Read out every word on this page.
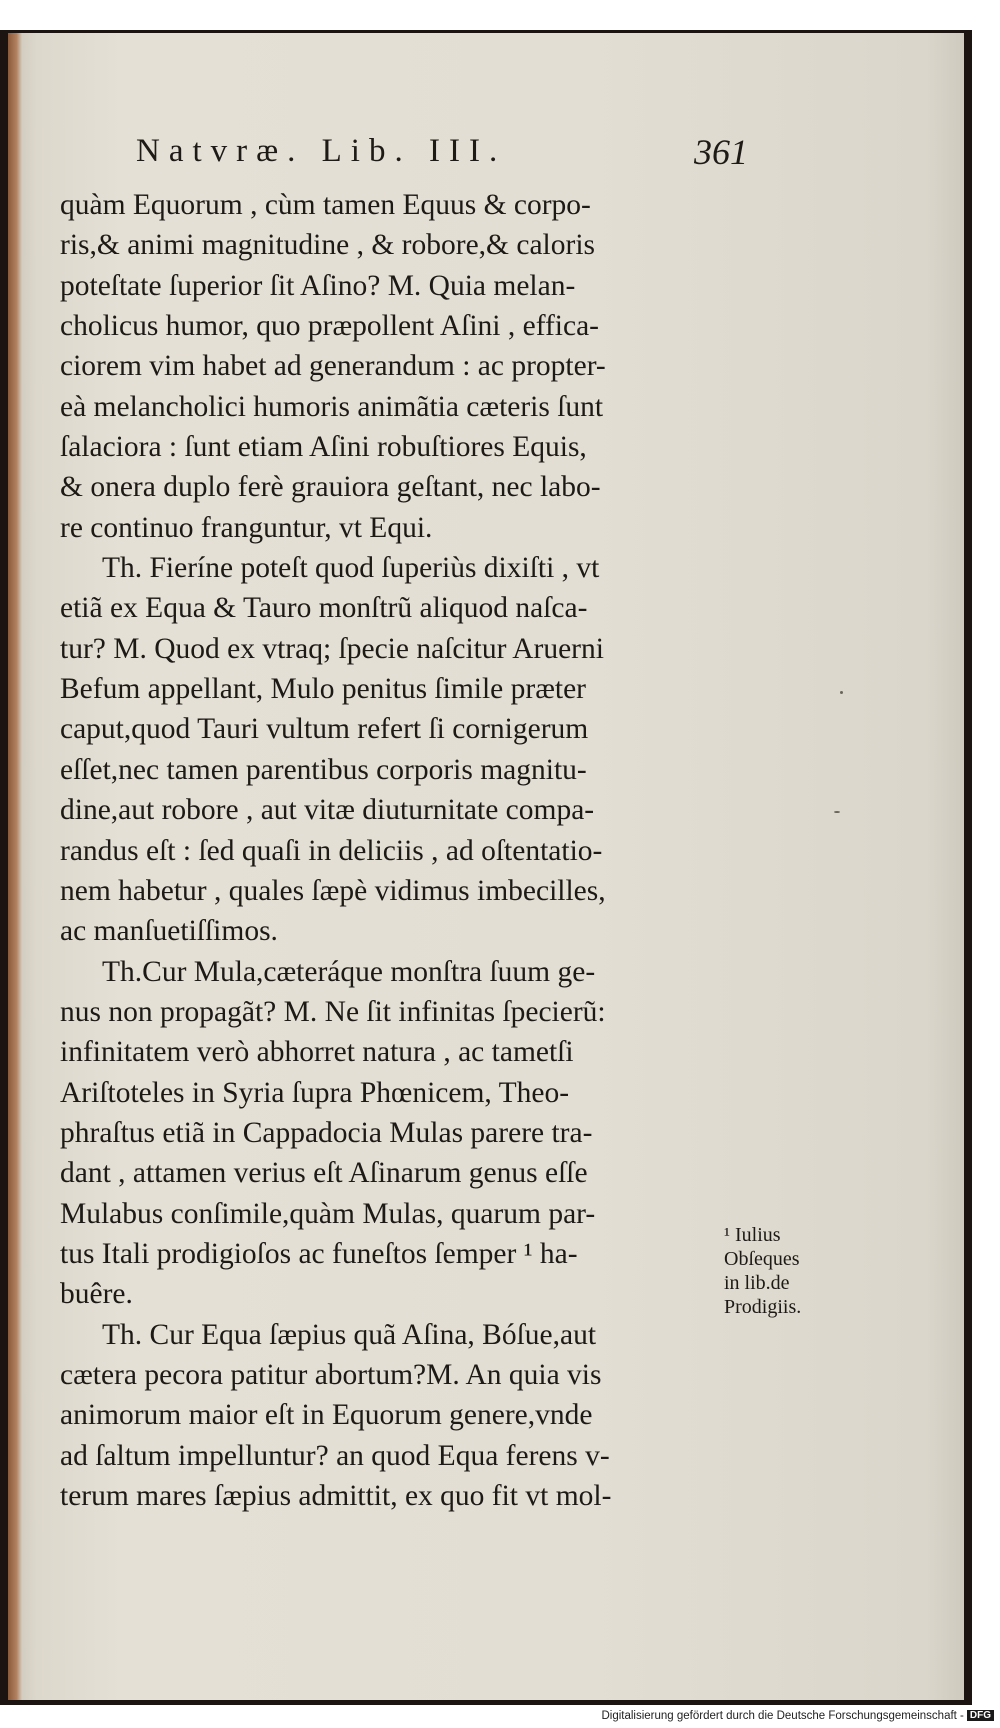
Natvræ. Lib. III.	361
quàm Equorum , cùm tamen Equus & corpo-
ris,& animi magnitudine , & robore,& caloris
poteſtate ſuperior ſit Aſino? M. Quia melan-
cholicus humor, quo præpollent Aſini , effica-
ciorem vim habet ad generandum : ac propter-
eà melancholici humoris animãtia cæteris ſunt
ſalaciora : ſunt etiam Aſini robuſtiores Equis,
& onera duplo ferè grauiora geſtant, nec labo-
re continuo franguntur, vt Equi.
Th. Fieríne poteſt quod ſuperiùs dixiſti , vt
etiã ex Equa & Tauro monſtrũ aliquod naſca-
tur? M. Quod ex vtraq; ſpecie naſcitur Aruerni
Befum appellant, Mulo penitus ſimile præter
caput,quod Tauri vultum refert ſi cornigerum
eſſet,nec tamen parentibus corporis magnitu-
dine,aut robore , aut vitæ diuturnitate compa-
randus eſt : ſed quaſi in deliciis , ad oſtentatio-
nem habetur , quales ſæpè vidimus imbecilles,
ac manſuetiſſimos.
Th.Cur Mula,cæteráque monſtra ſuum ge-
nus non propagãt? M. Ne ſit infinitas ſpecierũ:
infinitatem verò abhorret natura , ac tametſi
Ariſtoteles in Syria ſupra Phœnicem, Theo-
phraſtus etiã in Cappadocia Mulas parere tra-
dant , attamen verius eſt Aſinarum genus eſſe
Mulabus conſimile,quàm Mulas, quarum par-
tus Itali prodigioſos ac funeſtos ſemper ¹ ha-
buêre.
Th. Cur Equa ſæpius quã Aſina, Bóſue,aut
cætera pecora patitur abortum?M. An quia vis
animorum maior eſt in Equorum genere,vnde
ad ſaltum impelluntur? an quod Equa ferens v-
terum mares ſæpius admittit, ex quo fit vt mol-
¹ Iulius
Obſeques
in lib.de
Prodigiis.
Digitalisierung gefördert durch die Deutsche Forschungsgemeinschaft - DFG
